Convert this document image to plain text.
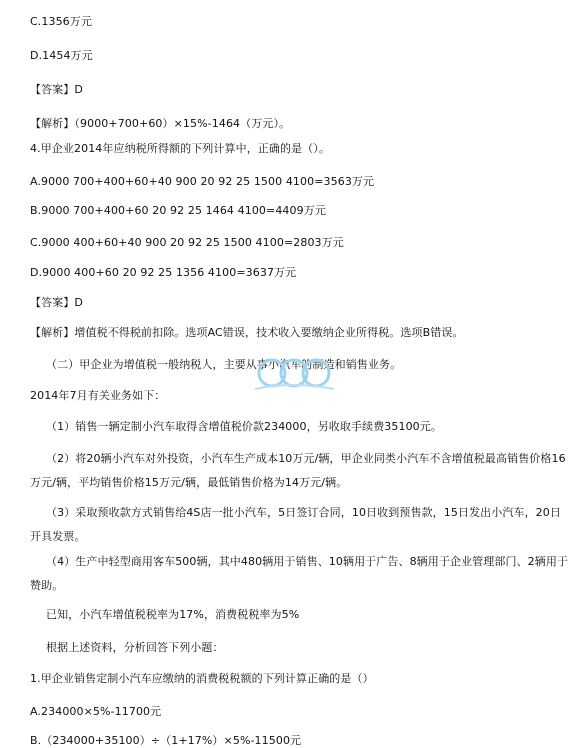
C.1356万元
D.1454万元
【答案】D
【解析】（9000+700+60）×15%-1464（万元）。
4.甲企业2014年应纳税所得额的下列计算中，正确的是（）。
A.9000 700+400+60+40 900 20 92 25 1500 4100=3563万元
B.9000 700+400+60 20 92 25 1464 4100=4409万元
C.9000 400+60+40 900 20 92 25 1500 4100=2803万元
D.9000 400+60 20 92 25 1356 4100=3637万元
【答案】D
【解析】增值税不得税前扣除。选项AC错误，技术收入要缴纳企业所得税。选项B错误。
（二）甲企业为增值税一般纳税人，主要从事小汽车的制造和销售业务。
2014年7月有关业务如下：
（1）销售一辆定制小汽车取得含增值税价款234000，另收取手续费35100元。
（2）将20辆小汽车对外投资，小汽车生产成本10万元/辆，甲企业同类小汽车不含增值税最高销售价格16万元/辆，平均销售价格15万元/辆，最低销售价格为14万元/辆。
（3）采取预收款方式销售给4S店一批小汽车，5日签订合同，10日收到预售款，15日发出小汽车，20日开具发票。
（4）生产中轻型商用客车500辆，其中480辆用于销售、10辆用于广告、8辆用于企业管理部门、2辆用于赞助。
已知，小汽车增值税税率为17%，消费税税率为5%
根据上述资料，分析回答下列小题：
1.甲企业销售定制小汽车应缴纳的消费税税额的下列计算正确的是（）
A.234000×5%-11700元
B.（234000+35100）÷（1+17%）×5%-11500元
